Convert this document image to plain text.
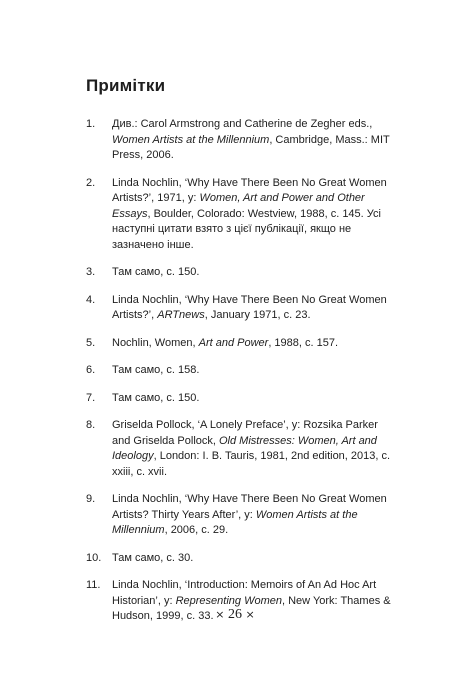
Примітки
1.	Див.: Carol Armstrong and Catherine de Zegher eds., Women Artists at the Millennium, Cambridge, Mass.: MIT Press, 2006.
2.	Linda Nochlin, ‘Why Have There Been No Great Women Artists?’, 1971, у: Women, Art and Power and Other Essays, Boulder, Colorado: Westview, 1988, с. 145. Усі наступні цитати взято з цієї публікації, якщо не зазначено інше.
3.	Там само, с. 150.
4.	Linda Nochlin, ‘Why Have There Been No Great Women Artists?’, ARTnews, January 1971, с. 23.
5.	Nochlin, Women, Art and Power, 1988, с. 157.
6.	Там само, с. 158.
7.	Там само, с. 150.
8.	Griselda Pollock, ‘A Lonely Preface’, у: Rozsika Parker and Griselda Pollock, Old Mistresses: Women, Art and Ideology, London: I. B. Tauris, 1981, 2nd edition, 2013, с. xxiii, с. xvii.
9.	Linda Nochlin, ‘Why Have There Been No Great Women Artists? Thirty Years After’, у: Women Artists at the Millennium, 2006, с. 29.
10. Там само, с. 30.
11.	Linda Nochlin, ‘Introduction: Memoirs of An Ad Hoc Art Historian’, у: Representing Women, New York: Thames & Hudson, 1999, с. 33. × 26 ×
